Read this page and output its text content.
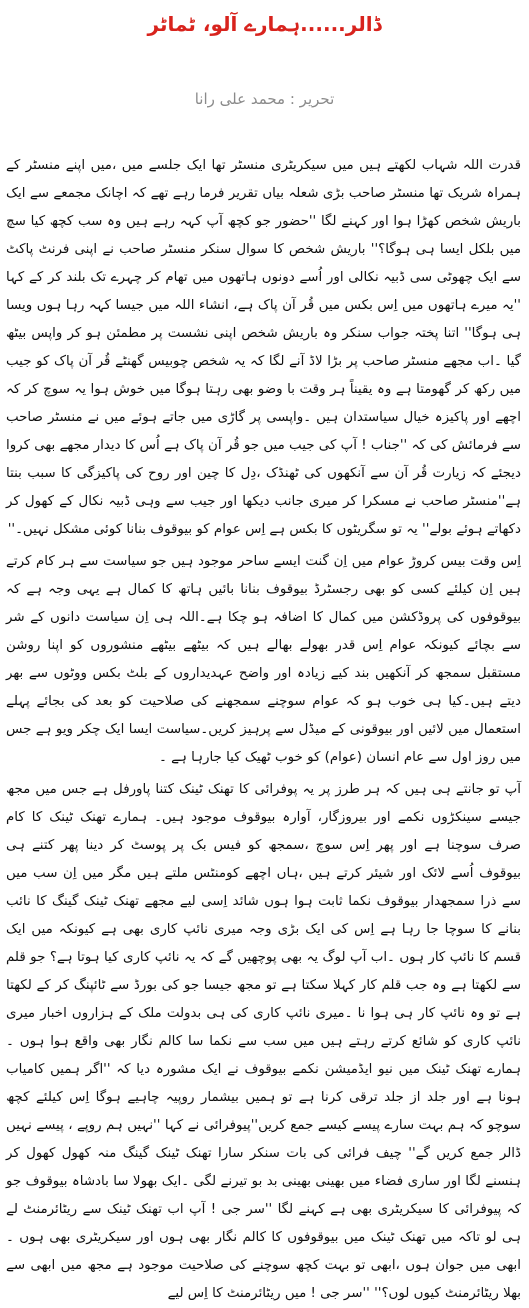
ڈالر......ہمارے آلو، ٹماٹر
تحریر : محمد علی رانا

قدرت اللہ شہاب لکھتے ہیں میں سیکریٹری منسٹر تھا ایک جلسے میں ،میں اپنے منسٹر کے ہمراہ شریک تھا منسٹر صاحب بڑی شعلہ بیاں تقریر فرما رہے تھے کہ اچانک مجمعے سے ایک باریش شخص کھڑا ہوا اور کہنے لگا ''حضور جو کچھ آپ کہہ رہے ہیں وہ سب کچھ کیا سچ میں بلکل ایسا ہی ہوگا؟'' باریش شخص کا سوال سنکر منسٹر صاحب نے اپنی فرنٹ پاکٹ سے ایک چھوٹی سی ڈبیہ نکالی اور اُسے دونوں ہاتھوں میں تھام کر چہرے تک بلند کر کے کہا ''یہ میرے ہاتھوں میں اِس بکس میں قُر آن پاک ہے، انشاء اللہ میں جیسا کہہ رہا ہوں ویسا ہی ہوگا'' اتنا پختہ جواب سنکر وہ باریش شخص اپنی نشست پر مطمئن ہو کر واپس بیٹھ گیا ۔اب مجھے منسٹر صاحب پر بڑا لاڈ آنے لگا کہ یہ شخص چوبیس گھنٹے قُر آن پاک کو جیب میں رکھ کر گھومتا ہے وہ یقیناً ہر وقت با وضو بھی رہتا ہوگا میں خوش ہوا یہ سوچ کر کہ اچھے اور پاکیزہ خیال سیاستدان ہیں ۔واپسی پر گاڑی میں جاتے ہوئے میں نے منسٹر صاحب سے فرمائش کی کہ ''جناب ! آپ کی جیب میں جو قُر آن پاک ہے اُس کا دیدار مجھے بھی کروا دیجئے کہ زیارت قُر آن سے آنکھوں کی ٹھنڈک ،دِل کا چین اور روح کی پاکیزگی کا سبب بنتا ہے''منسٹر صاحب نے مسکرا کر میری جانب دیکھا اور جیب سے وہی ڈبیہ نکال کے کھول کر دکھاتے ہوئے بولے'' یہ تو سگریٹوں کا بکس ہے اِس عوام کو بیوقوف بنانا کوئی مشکل نہیں۔''

اِس وقت بیس کروڑ عوام میں اِن گنت ایسے ساحر موجود ہیں جو سیاست سے ہر کام کرتے ہیں اِن کیلئے کسی کو بھی رجسٹرڈ بیوقوف بنانا بائیں ہاتھ کا کمال ہے یہی وجہ ہے کہ بیوقوفوں کی پروڈکشن میں کمال کا اضافہ ہو چکا ہے۔اللہ ہی اِن سیاست دانوں کے شر سے بچائے کیونکہ عوام اِس قدر بھولے بھالے ہیں کہ بیٹھے بیٹھے منشوروں کو اپنا روشن مستقبل سمجھ کر آنکھیں بند کیے زیادہ اور واضح عہدیداروں کے بلٹ بکس ووٹوں سے بھر دیتے ہیں۔کیا ہی خوب ہو کہ عوام سوچنے سمجھنے کی صلاحیت کو بعد کی بجائے پہلے استعمال میں لائیں اور بیوقونی کے میڈل سے پرہیز کریں۔سیاست ایسا ایک چکر ویو ہے جس میں روز اول سے عام انسان (عوام) کو خوب ٹھیک کیا جارہا ہے ۔

آپ تو جانتے ہی ہیں کہ ہر طرز پر یہ پوفرائی کا تھنک ٹینک کتنا پاورفل ہے جس میں مجھ جیسے سینکڑوں نکمے اور بیروزگار، آوارہ بیوقوف موجود ہیں۔ ہمارے تھنک ٹینک کا کام صرف سوچنا ہے اور پھر اِس سوچ ،سمجھ کو فیس بک پر پوسٹ کر دینا پھر کتنے ہی بیوقوف اُسے لائک اور شیئر کرتے ہیں ،ہاں اچھے کومنٹس ملتے ہیں مگر میں اِن سب میں سے ذرا سمجھدار بیوقوف نکما ثابت ہوا ہوں شائد اِسی لیے مجھے تھنک ٹینک گینگ کا نائب بنانے کا سوچا جا رہا ہے اِس کی ایک بڑی وجہ میری نائپ کاری بھی ہے کیونکہ میں ایک قسم کا نائپ کار ہوں ۔اب آپ لوگ یہ بھی پوچھیں گے کہ یہ نائپ کاری کیا ہوتا ہے؟ جو قلم سے لکھتا ہے وہ جب قلم کار کہلا سکتا ہے تو مجھ جیسا جو کی بورڈ سے ٹائپنگ کر کے لکھتا ہے تو وہ نائپ کار ہی ہوا نا ۔میری نائپ کاری کی ہی بدولت ملک کے ہزاروں اخبار میری نائپ کاری کو شائع کرتے رہتے ہیں میں سب سے نکما سا کالم نگار بھی واقع ہوا ہوں ۔ ہمارے تھنک ٹینک میں نیو ایڈمیشن نکمے بیوقوف نے ایک مشورہ دیا کہ ''اگر ہمیں کامیاب ہونا ہے اور جلد از جلد ترقی کرنا ہے تو ہمیں بیشمار روپیہ چاہیے ہوگا اِس کیلئے کچھ سوچو کہ ہم بہت سارے پیسے کیسے جمع کریں''پیوفرائی نے کہا ''نہیں ہم روپے ، پیسے نہیں ڈالر جمع کریں گے'' چیف فرائی کی بات سنکر سارا تھنک ٹینک گینگ منہ کھول کھول کر ہنسنے لگا اور ساری فضاء میں بھینی بھینی بد بو تیرنے لگی ۔ایک بھولا سا بادشاہ بیوقوف جو کہ پیوفرائی کا سیکریٹری بھی ہے کہنے لگا ''سر جی ! آپ اب تھنک ٹینک سے ریٹائرمنٹ لے ہی لو تاکہ میں تھنک ٹینک میں بیوقوفوں کا کالم نگار بھی ہوں اور سیکریٹری بھی ہوں ۔ابھی میں جوان ہوں ،ابھی تو بہت کچھ سوچنے کی صلاحیت موجود ہے مجھ میں ابھی سے بھلا ریٹائرمنٹ کیوں لوں؟'' ''سر جی ! میں ریٹائرمنٹ کا اِس لیے
